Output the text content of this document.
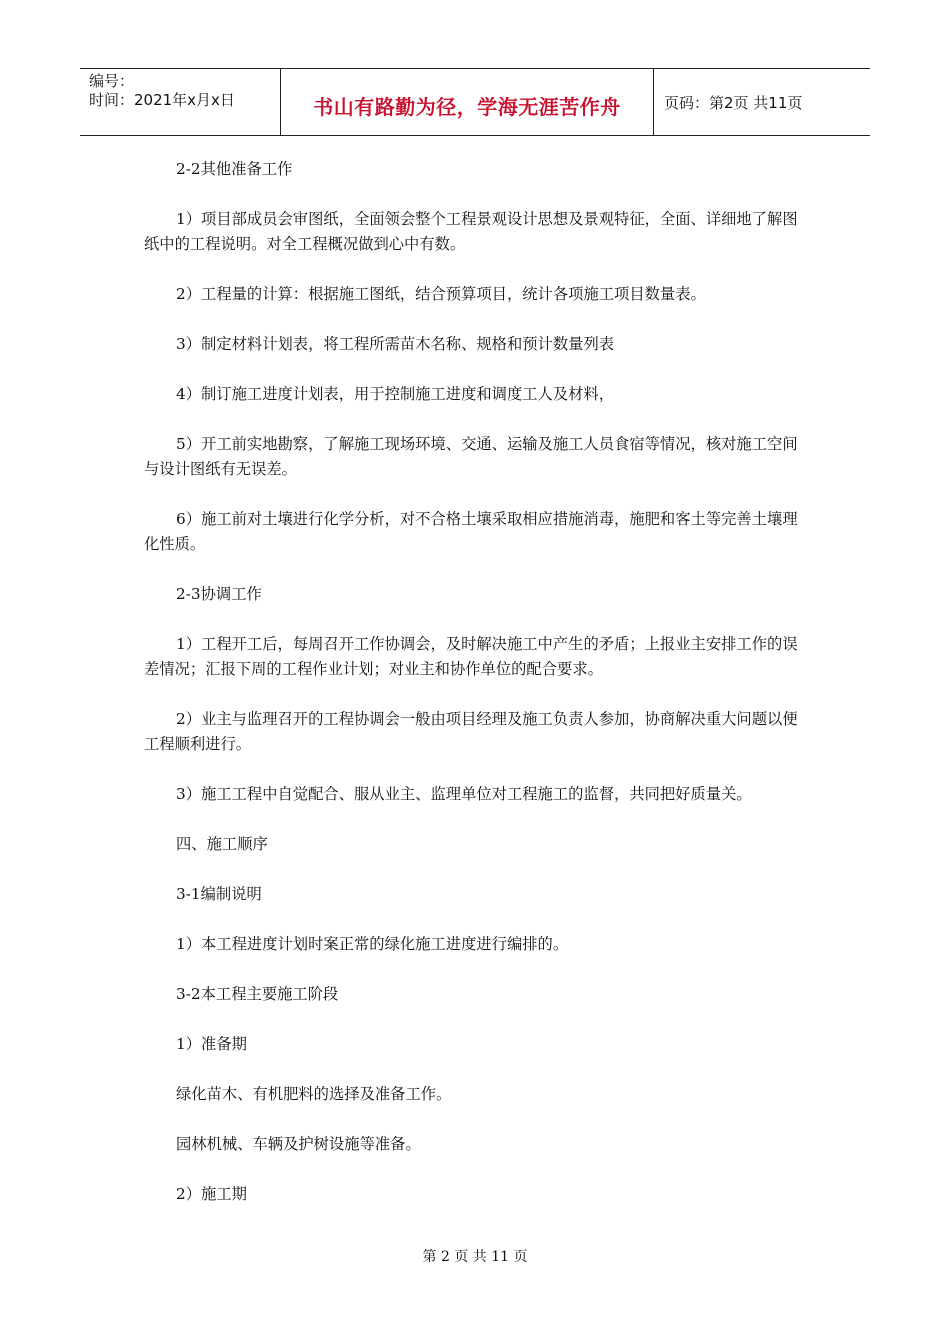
编号：
时间：2021年x月x日	书山有路勤为径，学海无涯苦作舟	页码：第2页 共11页

2-2其他准备工作

1）项目部成员会审图纸，全面领会整个工程景观设计思想及景观特征，全面、详细地了解图纸中的工程说明。对全工程概况做到心中有数。

2）工程量的计算：根据施工图纸，结合预算项目，统计各项施工项目数量表。

3）制定材料计划表，将工程所需苗木名称、规格和预计数量列表

4）制订施工进度计划表，用于控制施工进度和调度工人及材料，

5）开工前实地勘察，了解施工现场环境、交通、运输及施工人员食宿等情况，核对施工空间与设计图纸有无误差。

6）施工前对土壤进行化学分析，对不合格土壤采取相应措施消毒，施肥和客土等完善土壤理化性质。

2-3协调工作

1）工程开工后，每周召开工作协调会，及时解决施工中产生的矛盾；上报业主安排工作的误差情况；汇报下周的工程作业计划；对业主和协作单位的配合要求。

2）业主与监理召开的工程协调会一般由项目经理及施工负责人参加，协商解决重大问题以便工程顺利进行。

3）施工工程中自觉配合、服从业主、监理单位对工程施工的监督，共同把好质量关。

四、施工顺序

3-1编制说明

1）本工程进度计划时案正常的绿化施工进度进行编排的。

3-2本工程主要施工阶段

1）准备期

绿化苗木、有机肥料的选择及准备工作。

园林机械、车辆及护树设施等准备。

2）施工期

第 2 页 共 11 页
